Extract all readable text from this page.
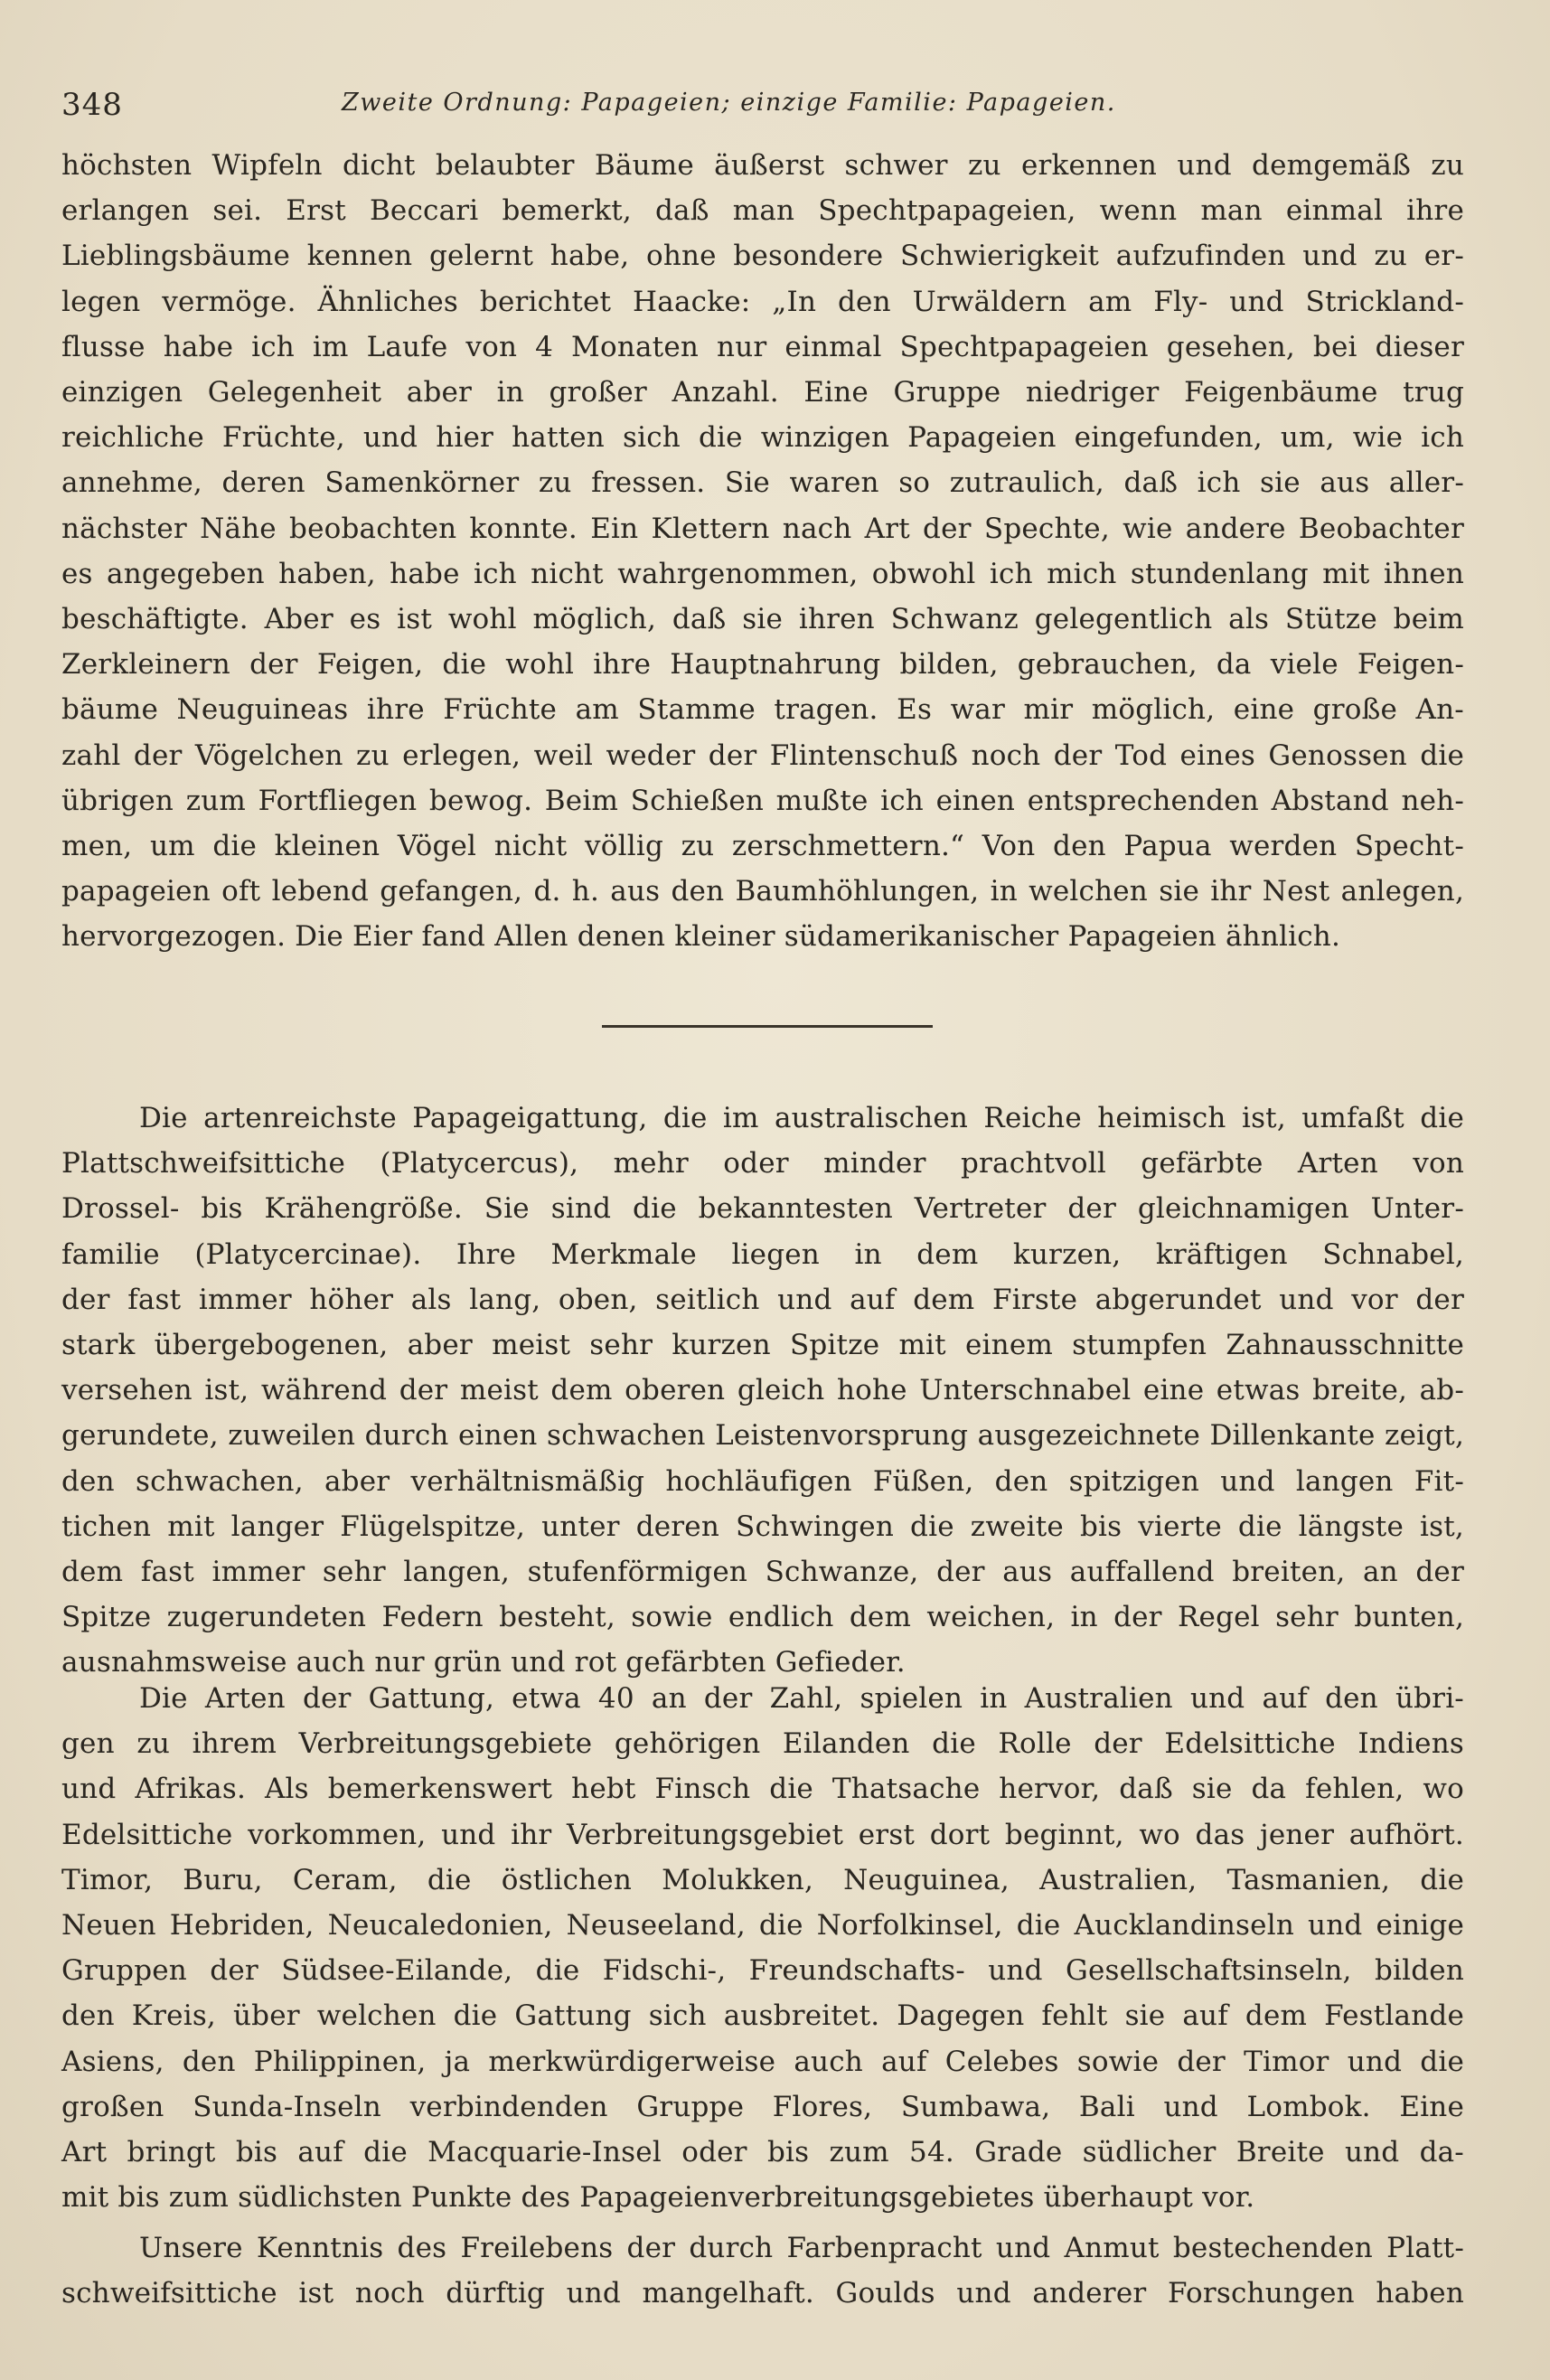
348	Zweite Ordnung: Papageien; einzige Familie: Papageien.
höchsten Wipfeln dicht belaubter Bäume äußerst schwer zu erkennen und demgemäß zu
erlangen sei. Erst Beccari bemerkt, daß man Spechtpapageien, wenn man einmal ihre
Lieblingsbäume kennen gelernt habe, ohne besondere Schwierigkeit aufzufinden und zu er-
legen vermöge. Ähnliches berichtet Haacke: „In den Urwäldern am Fly- und Strickland-
flusse habe ich im Laufe von 4 Monaten nur einmal Spechtpapageien gesehen, bei dieser
einzigen Gelegenheit aber in großer Anzahl. Eine Gruppe niedriger Feigenbäume trug
reichliche Früchte, und hier hatten sich die winzigen Papageien eingefunden, um, wie ich
annehme, deren Samenkörner zu fressen. Sie waren so zutraulich, daß ich sie aus aller-
nächster Nähe beobachten konnte. Ein Klettern nach Art der Spechte, wie andere Beobachter
es angegeben haben, habe ich nicht wahrgenommen, obwohl ich mich stundenlang mit ihnen
beschäftigte. Aber es ist wohl möglich, daß sie ihren Schwanz gelegentlich als Stütze beim
Zerkleinern der Feigen, die wohl ihre Hauptnahrung bilden, gebrauchen, da viele Feigen-
bäume Neuguineas ihre Früchte am Stamme tragen. Es war mir möglich, eine große An-
zahl der Vögelchen zu erlegen, weil weder der Flintenschuß noch der Tod eines Genossen die
übrigen zum Fortfliegen bewog. Beim Schießen mußte ich einen entsprechenden Abstand neh-
men, um die kleinen Vögel nicht völlig zu zerschmettern.“ Von den Papua werden Specht-
papageien oft lebend gefangen, d. h. aus den Baumhöhlungen, in welchen sie ihr Nest anlegen,
hervorgezogen. Die Eier fand Allen denen kleiner südamerikanischer Papageien ähnlich.
Die artenreichste Papageigattung, die im australischen Reiche heimisch ist, umfaßt die
Plattschweifsittiche (Platycercus), mehr oder minder prachtvoll gefärbte Arten von
Drossel- bis Krähengröße. Sie sind die bekanntesten Vertreter der gleichnamigen Unter-
familie (Platycercinae). Ihre Merkmale liegen in dem kurzen, kräftigen Schnabel,
der fast immer höher als lang, oben, seitlich und auf dem Firste abgerundet und vor der
stark übergebogenen, aber meist sehr kurzen Spitze mit einem stumpfen Zahnausschnitte
versehen ist, während der meist dem oberen gleich hohe Unterschnabel eine etwas breite, ab-
gerundete, zuweilen durch einen schwachen Leistenvorsprung ausgezeichnete Dillenkante zeigt,
den schwachen, aber verhältnismäßig hochläufigen Füßen, den spitzigen und langen Fit-
tichen mit langer Flügelspitze, unter deren Schwingen die zweite bis vierte die längste ist,
dem fast immer sehr langen, stufenförmigen Schwanze, der aus auffallend breiten, an der
Spitze zugerundeten Federn besteht, sowie endlich dem weichen, in der Regel sehr bunten,
ausnahmsweise auch nur grün und rot gefärbten Gefieder.
Die Arten der Gattung, etwa 40 an der Zahl, spielen in Australien und auf den übri-
gen zu ihrem Verbreitungsgebiete gehörigen Eilanden die Rolle der Edelsittiche Indiens
und Afrikas. Als bemerkenswert hebt Finsch die Thatsache hervor, daß sie da fehlen, wo
Edelsittiche vorkommen, und ihr Verbreitungsgebiet erst dort beginnt, wo das jener aufhört.
Timor, Buru, Ceram, die östlichen Molukken, Neuguinea, Australien, Tasmanien, die
Neuen Hebriden, Neucaledonien, Neuseeland, die Norfolkinsel, die Aucklandinseln und einige
Gruppen der Südsee-Eilande, die Fidschi-, Freundschafts- und Gesellschaftsinseln, bilden
den Kreis, über welchen die Gattung sich ausbreitet. Dagegen fehlt sie auf dem Festlande
Asiens, den Philippinen, ja merkwürdigerweise auch auf Celebes sowie der Timor und die
großen Sunda-Inseln verbindenden Gruppe Flores, Sumbawa, Bali und Lombok. Eine
Art bringt bis auf die Macquarie-Insel oder bis zum 54. Grade südlicher Breite und da-
mit bis zum südlichsten Punkte des Papageienverbreitungsgebietes überhaupt vor.
Unsere Kenntnis des Freilebens der durch Farbenpracht und Anmut bestechenden Platt-
schweifsittiche ist noch dürftig und mangelhaft. Goulds und anderer Forschungen haben
